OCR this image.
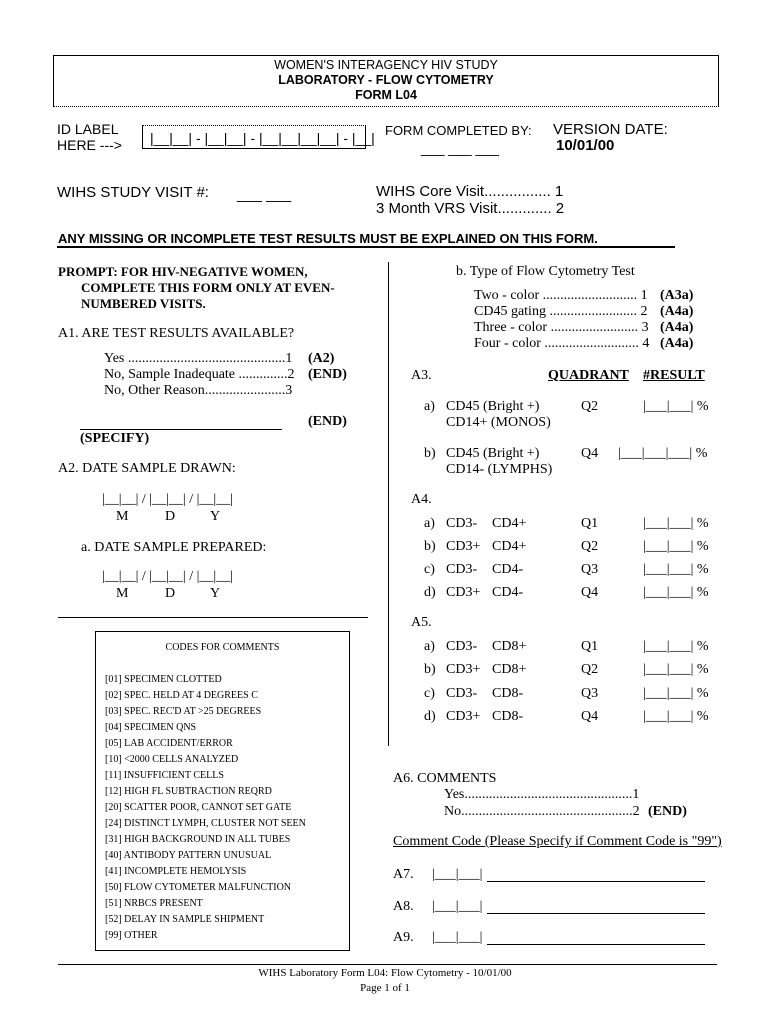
WOMEN'S INTERAGENCY HIV STUDY
LABORATORY - FLOW CYTOMETRY
FORM L04
ID LABEL
HERE ---> |__|__| - |__|__| - |__|__|__|__| - |__| FORM COMPLETED BY:
___ ___ ___
VERSION DATE:
10/01/00
WIHS STUDY VISIT #: ___ ___	WIHS Core Visit................ 1
3 Month VRS Visit............. 2
ANY MISSING OR INCOMPLETE TEST RESULTS MUST BE EXPLAINED ON THIS FORM.
PROMPT: FOR HIV-NEGATIVE WOMEN,
COMPLETE THIS FORM ONLY AT EVEN-
NUMBERED VISITS.
A1. ARE TEST RESULTS AVAILABLE?
Yes .............................................1 (A2)
No, Sample Inadequate ..............2 (END)
No, Other Reason.......................3
(END)
(SPECIFY)
A2. DATE SAMPLE DRAWN:
|__|__| / |__|__| / |__|__|
M	D Y
a. DATE SAMPLE PREPARED:
|__|__| / |__|__| / |__|__|
M	D Y
CODES FOR COMMENTS
[01] SPECIMEN CLOTTED
[02] SPEC. HELD AT 4 DEGREES C
[03] SPEC. REC'D AT >25 DEGREES
[04] SPECIMEN QNS
[05] LAB ACCIDENT/ERROR
[10] <2000 CELLS ANALYZED
[11] INSUFFICIENT CELLS
[12] HIGH FL SUBTRACTION REQRD
[20] SCATTER POOR, CANNOT SET GATE
[24] DISTINCT LYMPH, CLUSTER NOT SEEN
[31] HIGH BACKGROUND IN ALL TUBES
[40] ANTIBODY PATTERN UNUSUAL
[41] INCOMPLETE HEMOLYSIS
[50] FLOW CYTOMETER MALFUNCTION
[51] NRBCS PRESENT
[52] DELAY IN SAMPLE SHIPMENT
[99] OTHER
b. Type of Flow Cytometry Test
Two - color ........................... 1 (A3a)
CD45 gating ......................... 2 (A4a)
Three - color ......................... 3 (A4a)
Four - color ........................... 4 (A4a)
A3.	QUADRANT #RESULT
a) CD45 (Bright +)
CD14+ (MONOS)
Q2	|___|___| %
b) CD45 (Bright +)
CD14- (LYMPHS)
Q4 |___|___|___| %
A4.
a) CD3- CD4+	Q1	|___|___| %
b) CD3+ CD4+	Q2	|___|___| %
c) CD3- CD4-	Q3	|___|___| %
d) CD3+ CD4-	Q4	|___|___| %
A5.
a) CD3- CD8+	Q1	|___|___| %
b) CD3+ CD8+	Q2	|___|___| %
c) CD3- CD8-	Q3	|___|___| %
d) CD3+ CD8-	Q4	|___|___| %
A6. COMMENTS
Yes................................................1
No.................................................2 (END)
Comment Code (Please Specify if Comment Code is "99")
A7. |___|___|
A8. |___|___|
A9. |___|___|
WIHS Laboratory Form L04: Flow Cytometry - 10/01/00
Page 1 of 1
